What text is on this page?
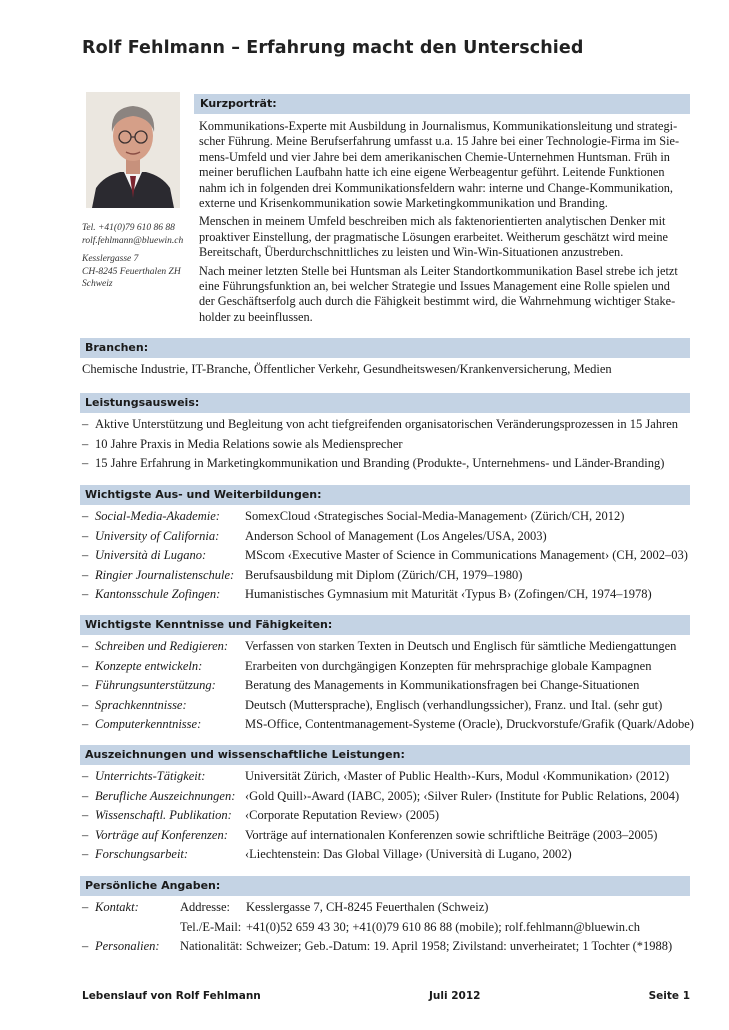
Rolf Fehlmann – Erfahrung macht den Unterschied
Tel. +41(0)79 610 86 88
rolf.fehlmann@bluewin.ch
Kesslergasse 7
CH-8245 Feuerthalen ZH
Schweiz
Kurzporträt:

Kommunikations-Experte mit Ausbildung in Journalismus, Kommunikationsleitung und strategi-
scher Führung. Meine Berufserfahrung umfasst u.a. 15 Jahre bei einer Technologie-Firma im Sie-
mens-Umfeld und vier Jahre bei dem amerikanischen Chemie-Unternehmen Huntsman. Früh in
meiner beruflichen Laufbahn hatte ich eine eigene Werbeagentur geführt. Leitende Funktionen
nahm ich in folgenden drei Kommunikationsfeldern wahr: interne und Change-Kommunikation,
externe und Krisenkommunikation sowie Marketingkommunikation und Branding.

Menschen in meinem Umfeld beschreiben mich als faktenorientierten analytischen Denker mit
proaktiver Einstellung, der pragmatische Lösungen erarbeitet. Weitherum geschätzt wird meine
Bereitschaft, Überdurchschnittliches zu leisten und Win-Win-Situationen anzustreben.

Nach meiner letzten Stelle bei Huntsman als Leiter Standortkommunikation Basel strebe ich jetzt
eine Führungsfunktion an, bei welcher Strategie und Issues Management eine Rolle spielen und
der Geschäftserfolg auch durch die Fähigkeit bestimmt wird, die Wahrnehmung wichtiger Stake-
holder zu beeinflussen.

Branchen:
Chemische Industrie, IT-Branche, Öffentlicher Verkehr, Gesundheitswesen/Krankenversicherung, Medien
Leistungsausweis:
– Aktive Unterstützung und Begleitung von acht tiefgreifenden organisatorischen Veränderungsprozessen in 15 Jahren
– 10 Jahre Praxis in Media Relations sowie als Mediensprecher
– 15 Jahre Erfahrung in Marketingkommunikation und Branding (Produkte-, Unternehmens- und Länder-Branding)
Wichtigste Aus- und Weiterbildungen:
– Social-Media-Akademie:	SomexCloud ‹Strategisches Social-Media-Management› (Zürich/CH, 2012)
– University of California:	Anderson School of Management (Los Angeles/USA, 2003)
– Università di Lugano:	MScom ‹Executive Master of Science in Communications Management› (CH, 2002–03)
– Ringier Journalistenschule: Berufsausbildung mit Diplom (Zürich/CH, 1979–1980)
– Kantonsschule Zofingen:	Humanistisches Gymnasium mit Maturität ‹Typus B› (Zofingen/CH, 1974–1978)
Wichtigste Kenntnisse und Fähigkeiten:
– Schreiben und Redigieren:	Verfassen von starken Texten in Deutsch und Englisch für sämtliche Mediengattungen
– Konzepte entwickeln:	Erarbeiten von durchgängigen Konzepten für mehrsprachige globale Kampagnen
– Führungsunterstützung:	Beratung des Managements in Kommunikationsfragen bei Change-Situationen
– Sprachkenntnisse:	Deutsch (Muttersprache), Englisch (verhandlungssicher), Franz. und Ital. (sehr gut)
– Computerkenntnisse:	MS-Office, Contentmanagement-Systeme (Oracle), Druckvorstufe/Grafik (Quark/Adobe)
Auszeichnungen und wissenschaftliche Leistungen:
– Unterrichts-Tätigkeit:	Universität Zürich, ‹Master of Public Health›-Kurs, Modul ‹Kommunikation› (2012)
– Berufliche Auszeichnungen: ‹Gold Quill›-Award (IABC, 2005); ‹Silver Ruler› (Institute for Public Relations, 2004)
– Wissenschaftl. Publikation:	‹Corporate Reputation Review› (2005)
– Vorträge auf Konferenzen:	Vorträge auf internationalen Konferenzen sowie schriftliche Beiträge (2003–2005)
– Forschungsarbeit:	‹Liechtenstein: Das Global Village› (Università di Lugano, 2002)
Persönliche Angaben:
– Kontakt:	Addresse:	Kesslergasse 7, CH-8245 Feuerthalen (Schweiz)
Tel./E-Mail: +41(0)52 659 43 30; +41(0)79 610 86 88 (mobile); rolf.fehlmann@bluewin.ch
– Personalien:	Nationalität: Schweizer; Geb.-Datum: 19. April 1958; Zivilstand: unverheiratet; 1 Tochter (*1988)
Lebenslauf von Rolf Fehlmann	Juli 2012	Seite 1
